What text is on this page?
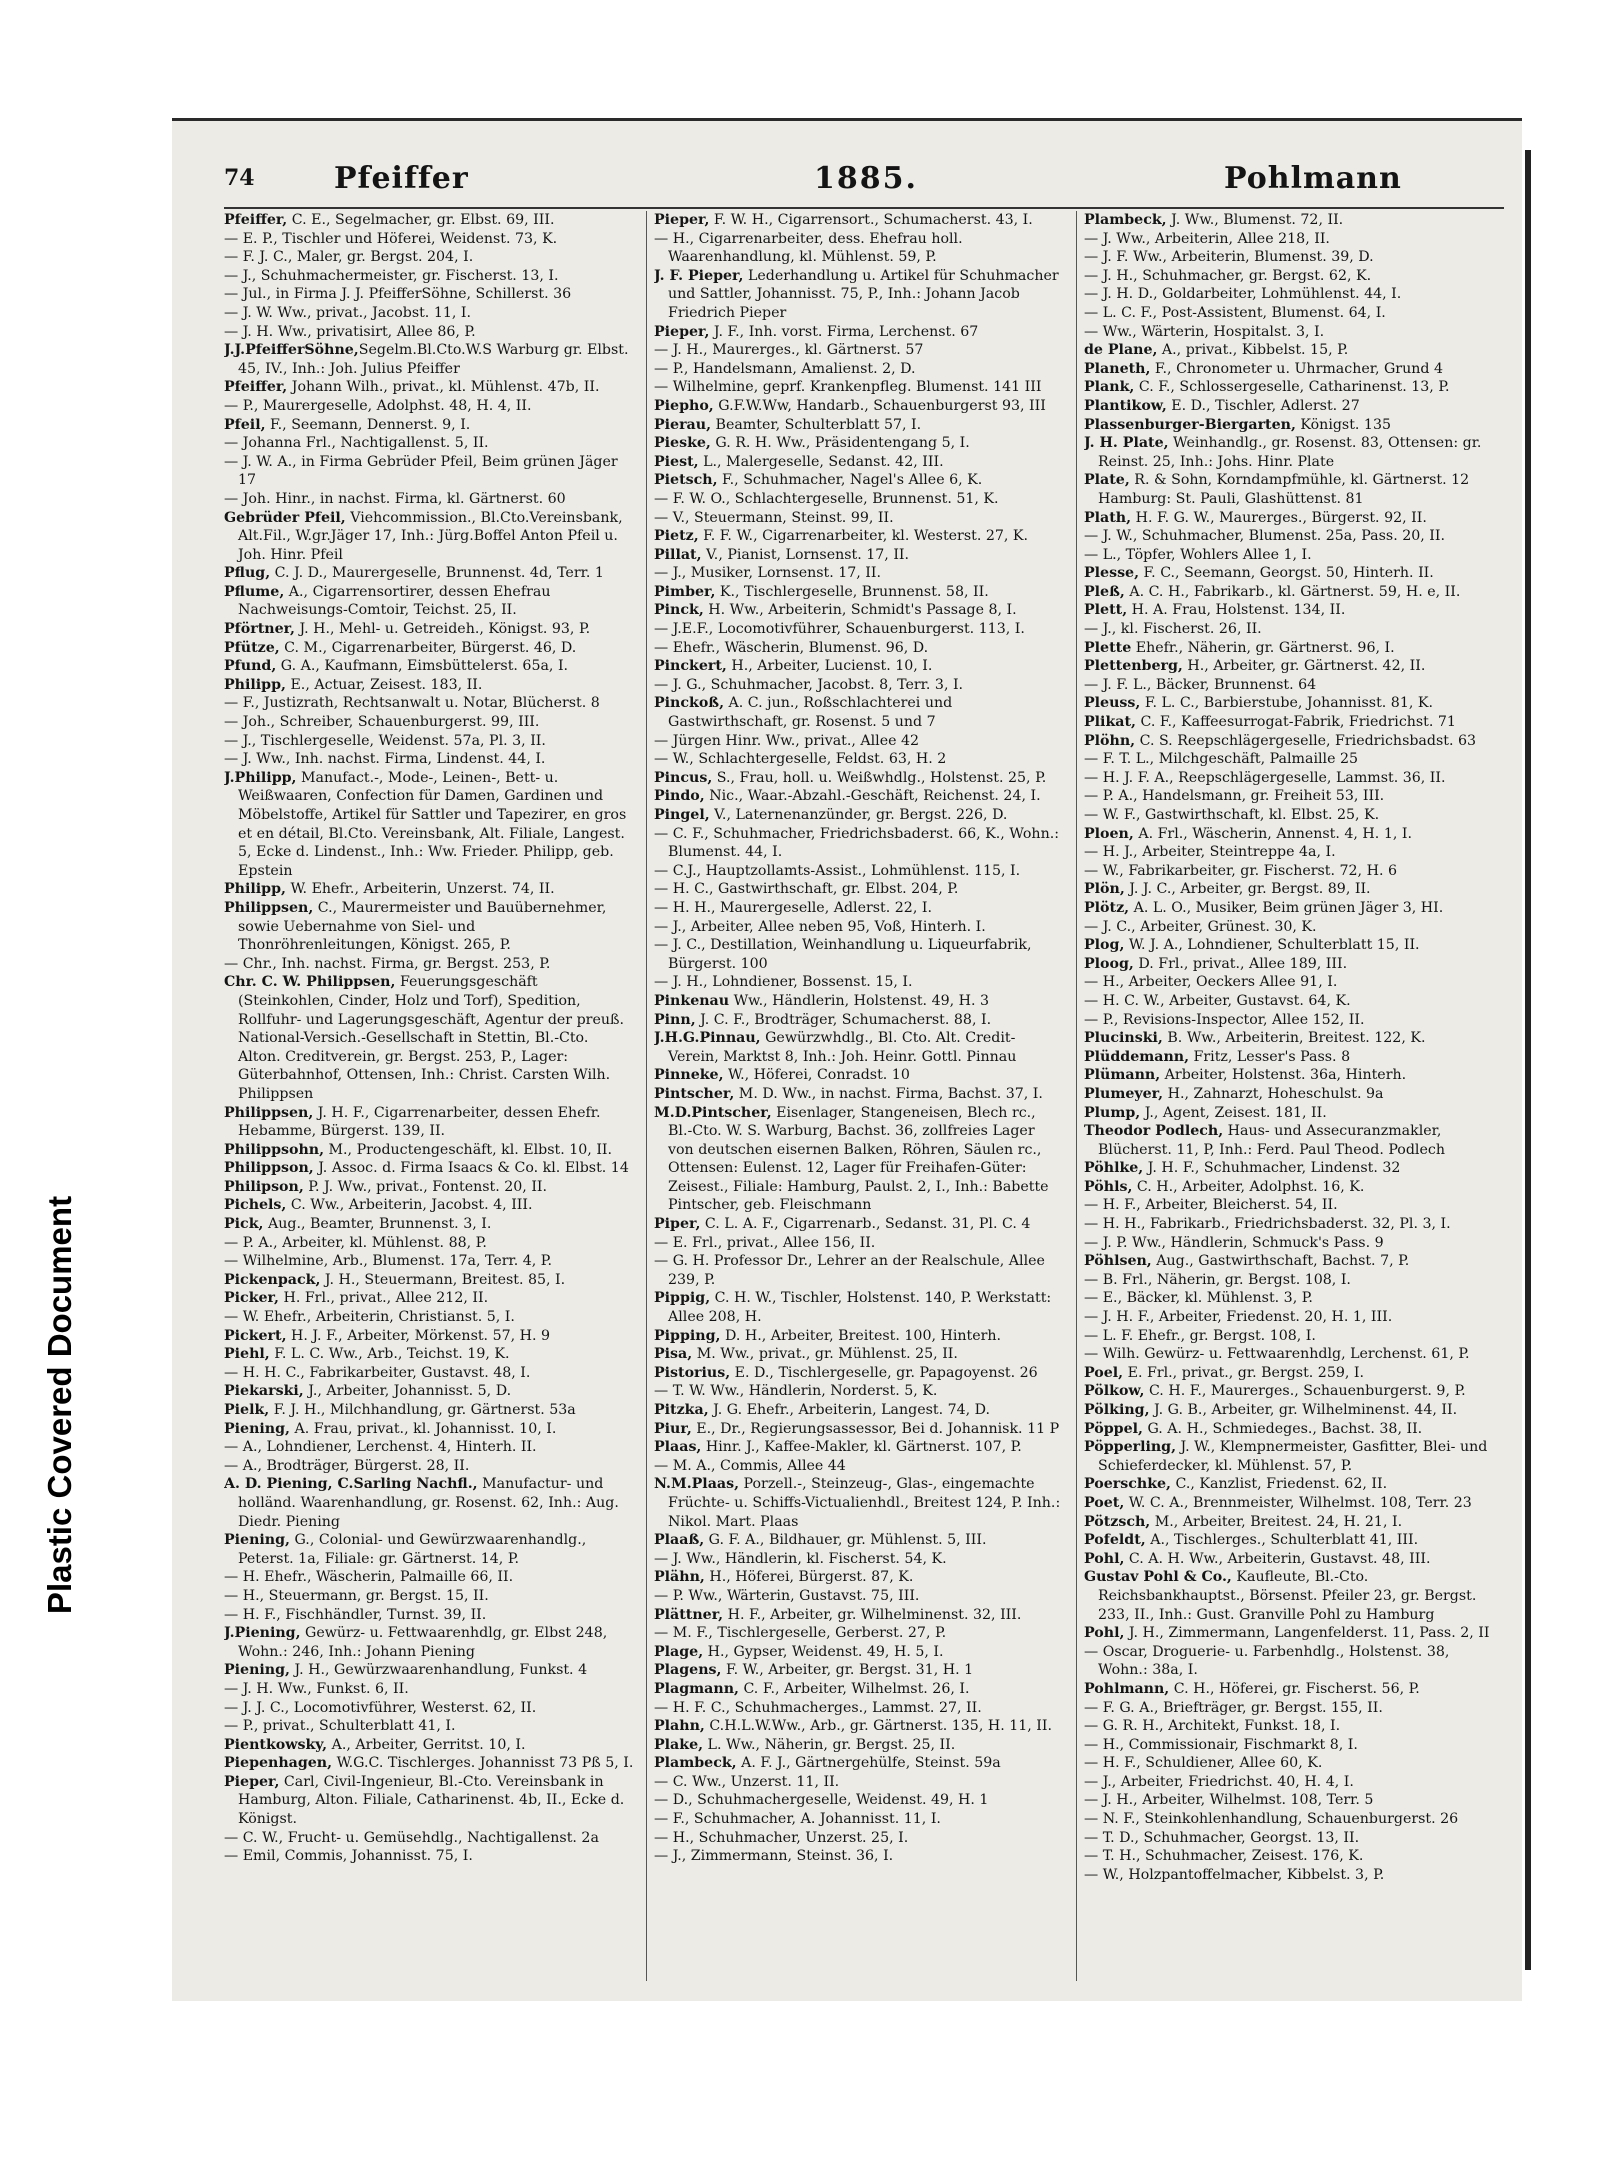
Plastic Covered Document
74	Pfeiffer	1885.	Pohlmann

Pfeiffer, C. E., Segelmacher, gr. Elbst. 69, III.

— E. P., Tischler und Höferei, Weidenst. 73, K.

— F. J. C., Maler, gr. Bergst. 204, I.

— J., Schuhmachermeister, gr. Fischerst. 13, I.

— Jul., in Firma J. J. PfeifferSöhne, Schillerst. 36

— J. W. Ww., privat., Jacobst. 11, I.

— J. H. Ww., privatisirt, Allee 86, P.

J.J.PfeifferSöhne,Segelm.Bl.Cto.W.S Warburg gr. Elbst. 45, IV., Inh.: Joh. Julius Pfeiffer

Pfeiffer, Johann Wilh., privat., kl. Mühlenst. 47b, II.

— P., Maurergeselle, Adolphst. 48, H. 4, II.

Pfeil, F., Seemann, Dennerst. 9, I.

— Johanna Frl., Nachtigallenst. 5, II.

— J. W. A., in Firma Gebrüder Pfeil, Beim grünen Jäger 17

— Joh. Hinr., in nachst. Firma, kl. Gärtnerst. 60

Gebrüder Pfeil, Viehcommission., Bl.Cto.Vereinsbank, Alt.Fil., W.gr.Jäger 17, Inh.: Jürg.Boffel Anton Pfeil u. Joh. Hinr. Pfeil

Pflug, C. J. D., Maurergeselle, Brunnenst. 4d, Terr. 1

Pflume, A., Cigarrensortirer, dessen Ehefrau Nachweisungs-Comtoir, Teichst. 25, II.

Pförtner, J. H., Mehl- u. Getreideh., Königst. 93, P.

Pfütze, C. M., Cigarrenarbeiter, Bürgerst. 46, D.

Pfund, G. A., Kaufmann, Eimsbüttelerst. 65a, I.

Philipp, E., Actuar, Zeisest. 183, II.

— F., Justizrath, Rechtsanwalt u. Notar, Blücherst. 8

— Joh., Schreiber, Schauenburgerst. 99, III.

— J., Tischlergeselle, Weidenst. 57a, Pl. 3, II.

— J. Ww., Inh. nachst. Firma, Lindenst. 44, I.

J.Philipp, Manufact.-, Mode-, Leinen-, Bett- u. Weißwaaren, Confection für Damen, Gardinen und Möbelstoffe, Artikel für Sattler und Tapezirer, en gros et en détail, Bl.Cto. Vereinsbank, Alt. Filiale, Langest. 5, Ecke d. Lindenst., Inh.: Ww. Frieder. Philipp, geb. Epstein

Philipp, W. Ehefr., Arbeiterin, Unzerst. 74, II.

Philippsen, C., Maurermeister und Bauübernehmer, sowie Uebernahme von Siel- und Thonröhrenleitungen, Königst. 265, P.

— Chr., Inh. nachst. Firma, gr. Bergst. 253, P.

Chr. C. W. Philippsen, Feuerungsgeschäft (Steinkohlen, Cinder, Holz und Torf), Spedition, Rollfuhr- und Lagerungsgeschäft, Agentur der preuß. National-Versich.-Gesellschaft in Stettin, Bl.-Cto. Alton. Creditverein, gr. Bergst. 253, P., Lager: Güterbahnhof, Ottensen, Inh.: Christ. Carsten Wilh. Philippsen

Philippsen, J. H. F., Cigarrenarbeiter, dessen Ehefr. Hebamme, Bürgerst. 139, II.

Philippsohn, M., Productengeschäft, kl. Elbst. 10, II.

Philippson, J. Assoc. d. Firma Isaacs & Co. kl. Elbst. 14

Philipson, P. J. Ww., privat., Fontenst. 20, II.

Pichels, C. Ww., Arbeiterin, Jacobst. 4, III.

Pick, Aug., Beamter, Brunnenst. 3, I.

— P. A., Arbeiter, kl. Mühlenst. 88, P.

— Wilhelmine, Arb., Blumenst. 17a, Terr. 4, P.

Pickenpack, J. H., Steuermann, Breitest. 85, I.

Picker, H. Frl., privat., Allee 212, II.

— W. Ehefr., Arbeiterin, Christianst. 5, I.

Pickert, H. J. F., Arbeiter, Mörkenst. 57, H. 9

Piehl, F. L. C. Ww., Arb., Teichst. 19, K.

— H. H. C., Fabrikarbeiter, Gustavst. 48, I.

Piekarski, J., Arbeiter, Johannisst. 5, D.

Pielk, F. J. H., Milchhandlung, gr. Gärtnerst. 53a

Piening, A. Frau, privat., kl. Johannisst. 10, I.

— A., Lohndiener, Lerchenst. 4, Hinterh. II.

— A., Brodträger, Bürgerst. 28, II.

A. D. Piening, C.Sarling Nachfl., Manufactur- und holländ. Waarenhandlung, gr. Rosenst. 62, Inh.: Aug. Diedr. Piening

Piening, G., Colonial- und Gewürzwaarenhandlg., Peterst. 1a, Filiale: gr. Gärtnerst. 14, P.

— H. Ehefr., Wäscherin, Palmaille 66, II.

— H., Steuermann, gr. Bergst. 15, II.

— H. F., Fischhändler, Turnst. 39, II.

J.Piening, Gewürz- u. Fettwaarenhdlg, gr. Elbst 248, Wohn.: 246, Inh.: Johann Piening

Piening, J. H., Gewürzwaarenhandlung, Funkst. 4

— J. H. Ww., Funkst. 6, II.

— J. J. C., Locomotivführer, Westerst. 62, II.

— P., privat., Schulterblatt 41, I.

Pientkowsky, A., Arbeiter, Gerritst. 10, I.

Piepenhagen, W.G.C. Tischlerges. Johannisst 73 Pß 5, I.

Pieper, Carl, Civil-Ingenieur, Bl.-Cto. Vereinsbank in Hamburg, Alton. Filiale, Catharinenst. 4b, II., Ecke d. Königst.

— C. W., Frucht- u. Gemüsehdlg., Nachtigallenst. 2a

— Emil, Commis, Johannisst. 75, I.

Pieper, F. W. H., Cigarrensort., Schumacherst. 43, I.

— H., Cigarrenarbeiter, dess. Ehefrau holl. Waarenhandlung, kl. Mühlenst. 59, P.

J. F. Pieper, Lederhandlung u. Artikel für Schuhmacher und Sattler, Johannisst. 75, P., Inh.: Johann Jacob Friedrich Pieper

Pieper, J. F., Inh. vorst. Firma, Lerchenst. 67

— J. H., Maurerges., kl. Gärtnerst. 57

— P., Handelsmann, Amalienst. 2, D.

— Wilhelmine, geprf. Krankenpfleg. Blumenst. 141 III

Piepho, G.F.W.Ww, Handarb., Schauenburgerst 93, III

Pierau, Beamter, Schulterblatt 57, I.

Pieske, G. R. H. Ww., Präsidentengang 5, I.

Piest, L., Malergeselle, Sedanst. 42, III.

Pietsch, F., Schuhmacher, Nagel's Allee 6, K.

— F. W. O., Schlachtergeselle, Brunnenst. 51, K.

— V., Steuermann, Steinst. 99, II.

Pietz, F. F. W., Cigarrenarbeiter, kl. Westerst. 27, K.

Pillat, V., Pianist, Lornsenst. 17, II.

— J., Musiker, Lornsenst. 17, II.

Pimber, K., Tischlergeselle, Brunnenst. 58, II.

Pinck, H. Ww., Arbeiterin, Schmidt's Passage 8, I.

— J.E.F., Locomotivführer, Schauenburgerst. 113, I.

— Ehefr., Wäscherin, Blumenst. 96, D.

Pinckert, H., Arbeiter, Lucienst. 10, I.

— J. G., Schuhmacher, Jacobst. 8, Terr. 3, I.

Pinckoß, A. C. jun., Roßschlachterei und Gastwirthschaft, gr. Rosenst. 5 und 7

— Jürgen Hinr. Ww., privat., Allee 42

— W., Schlachtergeselle, Feldst. 63, H. 2

Pincus, S., Frau, holl. u. Weißwhdlg., Holstenst. 25, P.

Pindo, Nic., Waar.-Abzahl.-Geschäft, Reichenst. 24, I.

Pingel, V., Laternenanzünder, gr. Bergst. 226, D.

— C. F., Schuhmacher, Friedrichsbaderst. 66, K., Wohn.: Blumenst. 44, I.

— C.J., Hauptzollamts-Assist., Lohmühlenst. 115, I.

— H. C., Gastwirthschaft, gr. Elbst. 204, P.

— H. H., Maurergeselle, Adlerst. 22, I.

— J., Arbeiter, Allee neben 95, Voß, Hinterh. I.

— J. C., Destillation, Weinhandlung u. Liqueurfabrik, Bürgerst. 100

— J. H., Lohndiener, Bossenst. 15, I.

Pinkenau Ww., Händlerin, Holstenst. 49, H. 3

Pinn, J. C. F., Brodträger, Schumacherst. 88, I.

J.H.G.Pinnau, Gewürzwhdlg., Bl. Cto. Alt. Credit-Verein, Marktst 8, Inh.: Joh. Heinr. Gottl. Pinnau

Pinneke, W., Höferei, Conradst. 10

Pintscher, M. D. Ww., in nachst. Firma, Bachst. 37, I.

M.D.Pintscher, Eisenlager, Stangeneisen, Blech rc., Bl.-Cto. W. S. Warburg, Bachst. 36, zollfreies Lager von deutschen eisernen Balken, Röhren, Säulen rc., Ottensen: Eulenst. 12, Lager für Freihafen-Güter: Zeisest., Filiale: Hamburg, Paulst. 2, I., Inh.: Babette Pintscher, geb. Fleischmann

Piper, C. L. A. F., Cigarrenarb., Sedanst. 31, Pl. C. 4

— E. Frl., privat., Allee 156, II.

— G. H. Professor Dr., Lehrer an der Realschule, Allee 239, P.

Pippig, C. H. W., Tischler, Holstenst. 140, P. Werkstatt: Allee 208, H.

Pipping, D. H., Arbeiter, Breitest. 100, Hinterh.

Pisa, M. Ww., privat., gr. Mühlenst. 25, II.

Pistorius, E. D., Tischlergeselle, gr. Papagoyenst. 26

— T. W. Ww., Händlerin, Norderst. 5, K.

Pitzka, J. G. Ehefr., Arbeiterin, Langest. 74, D.

Piur, E., Dr., Regierungsassessor, Bei d. Johannisk. 11 P

Plaas, Hinr. J., Kaffee-Makler, kl. Gärtnerst. 107, P.

— M. A., Commis, Allee 44

N.M.Plaas, Porzell.-, Steinzeug-, Glas-, eingemachte Früchte- u. Schiffs-Victualienhdl., Breitest 124, P. Inh.: Nikol. Mart. Plaas

Plaaß, G. F. A., Bildhauer, gr. Mühlenst. 5, III.

— J. Ww., Händlerin, kl. Fischerst. 54, K.

Plähn, H., Höferei, Bürgerst. 87, K.

— P. Ww., Wärterin, Gustavst. 75, III.

Plättner, H. F., Arbeiter, gr. Wilhelminenst. 32, III.

— M. F., Tischlergeselle, Gerberst. 27, P.

Plage, H., Gypser, Weidenst. 49, H. 5, I.

Plagens, F. W., Arbeiter, gr. Bergst. 31, H. 1

Plagmann, C. F., Arbeiter, Wilhelmst. 26, I.

— H. F. C., Schuhmacherges., Lammst. 27, II.

Plahn, C.H.L.W.Ww., Arb., gr. Gärtnerst. 135, H. 11, II.

Plake, L. Ww., Näherin, gr. Bergst. 25, II.

Plambeck, A. F. J., Gärtnergehülfe, Steinst. 59a

— C. Ww., Unzerst. 11, II.

— D., Schuhmachergeselle, Weidenst. 49, H. 1

— F., Schuhmacher, A. Johannisst. 11, I.

— H., Schuhmacher, Unzerst. 25, I.

— J., Zimmermann, Steinst. 36, I.

Plambeck, J. Ww., Blumenst. 72, II.

— J. Ww., Arbeiterin, Allee 218, II.

— J. F. Ww., Arbeiterin, Blumenst. 39, D.

— J. H., Schuhmacher, gr. Bergst. 62, K.

— J. H. D., Goldarbeiter, Lohmühlenst. 44, I.

— L. C. F., Post-Assistent, Blumenst. 64, I.

— Ww., Wärterin, Hospitalst. 3, I.

de Plane, A., privat., Kibbelst. 15, P.

Planeth, F., Chronometer u. Uhrmacher, Grund 4

Plank, C. F., Schlossergeselle, Catharinenst. 13, P.

Plantikow, E. D., Tischler, Adlerst. 27

Plassenburger-Biergarten, Königst. 135

J. H. Plate, Weinhandlg., gr. Rosenst. 83, Ottensen: gr. Reinst. 25, Inh.: Johs. Hinr. Plate

Plate, R. & Sohn, Korndampfmühle, kl. Gärtnerst. 12 Hamburg: St. Pauli, Glashüttenst. 81

Plath, H. F. G. W., Maurerges., Bürgerst. 92, II.

— J. W., Schuhmacher, Blumenst. 25a, Pass. 20, II.

— L., Töpfer, Wohlers Allee 1, I.

Plesse, F. C., Seemann, Georgst. 50, Hinterh. II.

Pleß, A. C. H., Fabrikarb., kl. Gärtnerst. 59, H. e, II.

Plett, H. A. Frau, Holstenst. 134, II.

— J., kl. Fischerst. 26, II.

Plette Ehefr., Näherin, gr. Gärtnerst. 96, I.

Plettenberg, H., Arbeiter, gr. Gärtnerst. 42, II.

— J. F. L., Bäcker, Brunnenst. 64

Pleuss, F. L. C., Barbierstube, Johannisst. 81, K.

Plikat, C. F., Kaffeesurrogat-Fabrik, Friedrichst. 71

Plöhn, C. S. Reepschlägergeselle, Friedrichsbadst. 63

— F. T. L., Milchgeschäft, Palmaille 25

— H. J. F. A., Reepschlägergeselle, Lammst. 36, II.

— P. A., Handelsmann, gr. Freiheit 53, III.

— W. F., Gastwirthschaft, kl. Elbst. 25, K.

Ploen, A. Frl., Wäscherin, Annenst. 4, H. 1, I.

— H. J., Arbeiter, Steintreppe 4a, I.

— W., Fabrikarbeiter, gr. Fischerst. 72, H. 6

Plön, J. J. C., Arbeiter, gr. Bergst. 89, II.

Plötz, A. L. O., Musiker, Beim grünen Jäger 3, HI.

— J. C., Arbeiter, Grünest. 30, K.

Plog, W. J. A., Lohndiener, Schulterblatt 15, II.

Ploog, D. Frl., privat., Allee 189, III.

— H., Arbeiter, Oeckers Allee 91, I.

— H. C. W., Arbeiter, Gustavst. 64, K.

— P., Revisions-Inspector, Allee 152, II.

Plucinski, B. Ww., Arbeiterin, Breitest. 122, K.

Plüddemann, Fritz, Lesser's Pass. 8

Plümann, Arbeiter, Holstenst. 36a, Hinterh.

Plumeyer, H., Zahnarzt, Hoheschulst. 9a

Plump, J., Agent, Zeisest. 181, II.

Theodor Podlech, Haus- und Assecuranzmakler, Blücherst. 11, P, Inh.: Ferd. Paul Theod. Podlech

Pöhlke, J. H. F., Schuhmacher, Lindenst. 32

Pöhls, C. H., Arbeiter, Adolphst. 16, K.

— H. F., Arbeiter, Bleicherst. 54, II.

— H. H., Fabrikarb., Friedrichsbaderst. 32, Pl. 3, I.

— J. P. Ww., Händlerin, Schmuck's Pass. 9

Pöhlsen, Aug., Gastwirthschaft, Bachst. 7, P.

— B. Frl., Näherin, gr. Bergst. 108, I.

— E., Bäcker, kl. Mühlenst. 3, P.

— J. H. F., Arbeiter, Friedenst. 20, H. 1, III.

— L. F. Ehefr., gr. Bergst. 108, I.

— Wilh. Gewürz- u. Fettwaarenhdlg, Lerchenst. 61, P.

Poel, E. Frl., privat., gr. Bergst. 259, I.

Pölkow, C. H. F., Maurerges., Schauenburgerst. 9, P.

Pölking, J. G. B., Arbeiter, gr. Wilhelminenst. 44, II.

Pöppel, G. A. H., Schmiedeges., Bachst. 38, II.

Pöpperling, J. W., Klempnermeister, Gasfitter, Blei- und Schieferdecker, kl. Mühlenst. 57, P.

Poerschke, C., Kanzlist, Friedenst. 62, II.

Poet, W. C. A., Brennmeister, Wilhelmst. 108, Terr. 23

Pötzsch, M., Arbeiter, Breitest. 24, H. 21, I.

Pofeldt, A., Tischlerges., Schulterblatt 41, III.

Pohl, C. A. H. Ww., Arbeiterin, Gustavst. 48, III.

Gustav Pohl & Co., Kaufleute, Bl.-Cto. Reichsbankhauptst., Börsenst. Pfeiler 23, gr. Bergst. 233, II., Inh.: Gust. Granville Pohl zu Hamburg

Pohl, J. H., Zimmermann, Langenfelderst. 11, Pass. 2, II

— Oscar, Droguerie- u. Farbenhdlg., Holstenst. 38, Wohn.: 38a, I.

Pohlmann, C. H., Höferei, gr. Fischerst. 56, P.

— F. G. A., Briefträger, gr. Bergst. 155, II.

— G. R. H., Architekt, Funkst. 18, I.

— H., Commissionair, Fischmarkt 8, I.

— H. F., Schuldiener, Allee 60, K.

— J., Arbeiter, Friedrichst. 40, H. 4, I.

— J. H., Arbeiter, Wilhelmst. 108, Terr. 5

— N. F., Steinkohlenhandlung, Schauenburgerst. 26

— T. D., Schuhmacher, Georgst. 13, II.

— T. H., Schuhmacher, Zeisest. 176, K.

— W., Holzpantoffelmacher, Kibbelst. 3, P.
